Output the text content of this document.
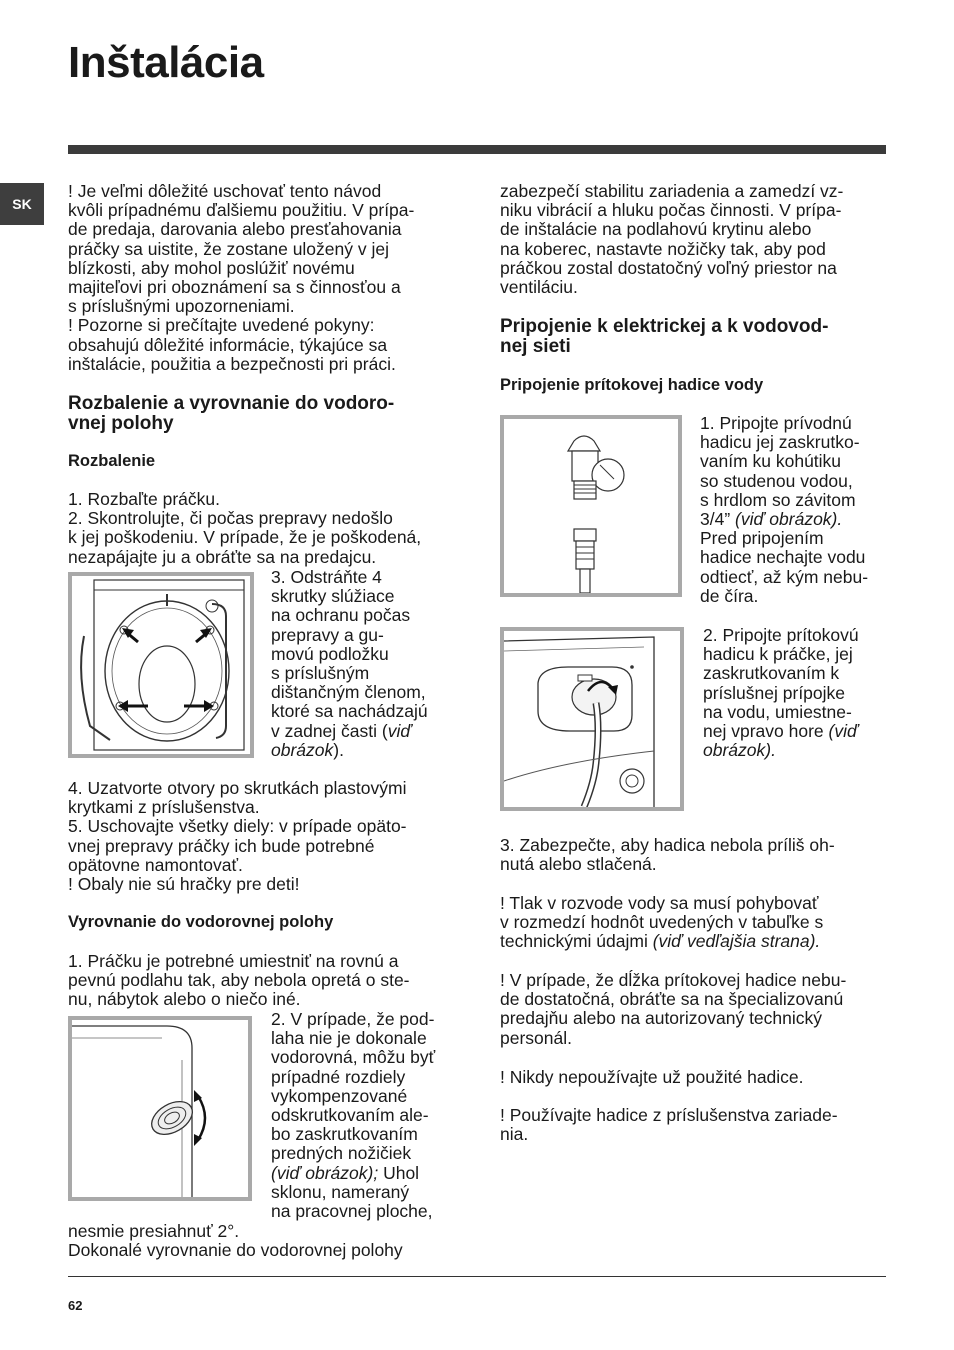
SK
Inštalácia

! Je veľmi dôležité uschovať tento návod
kvôli prípadnému ďalšiemu použitiu. V prípa-
de predaja, darovania alebo presťahovania
práčky sa uistite, že zostane uložený v jej
blízkosti, aby mohol poslúžiť novému
majiteľovi pri oboznámení sa s činnosťou a
s príslušnými upozorneniami.
! Pozorne si prečítajte uvedené pokyny:
obsahujú dôležité informácie, týkajúce sa
inštalácie, použitia a bezpečnosti pri práci.

Rozbalenie a vyrovnanie do vodoro-
vnej polohy
Rozbalenie

1. Rozbaľte práčku.
2. Skontrolujte, či počas prepravy nedošlo
k jej poškodeniu. V prípade, že je poškodená,
nezapájajte ju a obráťte sa na predajcu.

3. Odstráňte 4
skrutky slúžiace
na ochranu počas
prepravy a gu-
movú podložku
s príslušným
dištančným členom,
ktoré sa nachádzajú
v zadnej časti (viď
obrázok).

4. Uzatvorte otvory po skrutkách plastovými
krytkami z príslušenstva.
5. Uschovajte všetky diely: v prípade opäto-
vnej prepravy práčky ich bude potrebné
opätovne namontovať.
! Obaly nie sú hračky pre deti!

Vyrovnanie do vodorovnej polohy

1. Práčku je potrebné umiestniť na rovnú a
pevnú podlahu tak, aby nebola opretá o ste-
nu, nábytok alebo o niečo iné.

2. V prípade, že pod-
laha nie je dokonale
vodorovná, môžu byť
prípadné rozdiely
vykompenzované
odskrutkovaním ale-
bo zaskrutkovaním
predných nožičiek
(viď obrázok); Uhol
sklonu, nameraný
na pracovnej ploche,

nesmie presiahnuť 2°.
Dokonalé vyrovnanie do vodorovnej polohy

zabezpečí stabilitu zariadenia a zamedzí vz-
niku vibrácií a hluku počas činnosti. V prípa-
de inštalácie na podlahovú krytinu alebo
na koberec, nastavte nožičky tak, aby pod
práčkou zostal dostatočný voľný priestor na
ventiláciu.

Pripojenie k elektrickej a k vodovod-
nej sieti
Pripojenie prítokovej hadice vody

1. Pripojte prívodnú
hadicu jej zaskrutko-
vaním ku kohútiku
so studenou vodou,
s hrdlom so závitom
3/4” (viď obrázok).
Pred pripojením
hadice nechajte vodu
odtiecť, až kým nebu-
de číra.

2. Pripojte prítokovú
hadicu k práčke, jej
zaskrutkovaním k
príslušnej prípojke
na vodu, umiestne-
nej vpravo hore (viď
obrázok).

3. Zabezpečte, aby hadica nebola príliš oh-
nutá alebo stlačená.

! Tlak v rozvode vody sa musí pohybovať
v rozmedzí hodnôt uvedených v tabuľke s
technickými údajmi (viď vedľajšia strana).

! V prípade, že dĺžka prítokovej hadice nebu-
de dostatočná, obráťte sa na špecializovanú
predajňu alebo na autorizovaný technický
personál.

! Nikdy nepoužívajte už použité hadice.

! Používajte hadice z príslušenstva zariade-
nia.

62
